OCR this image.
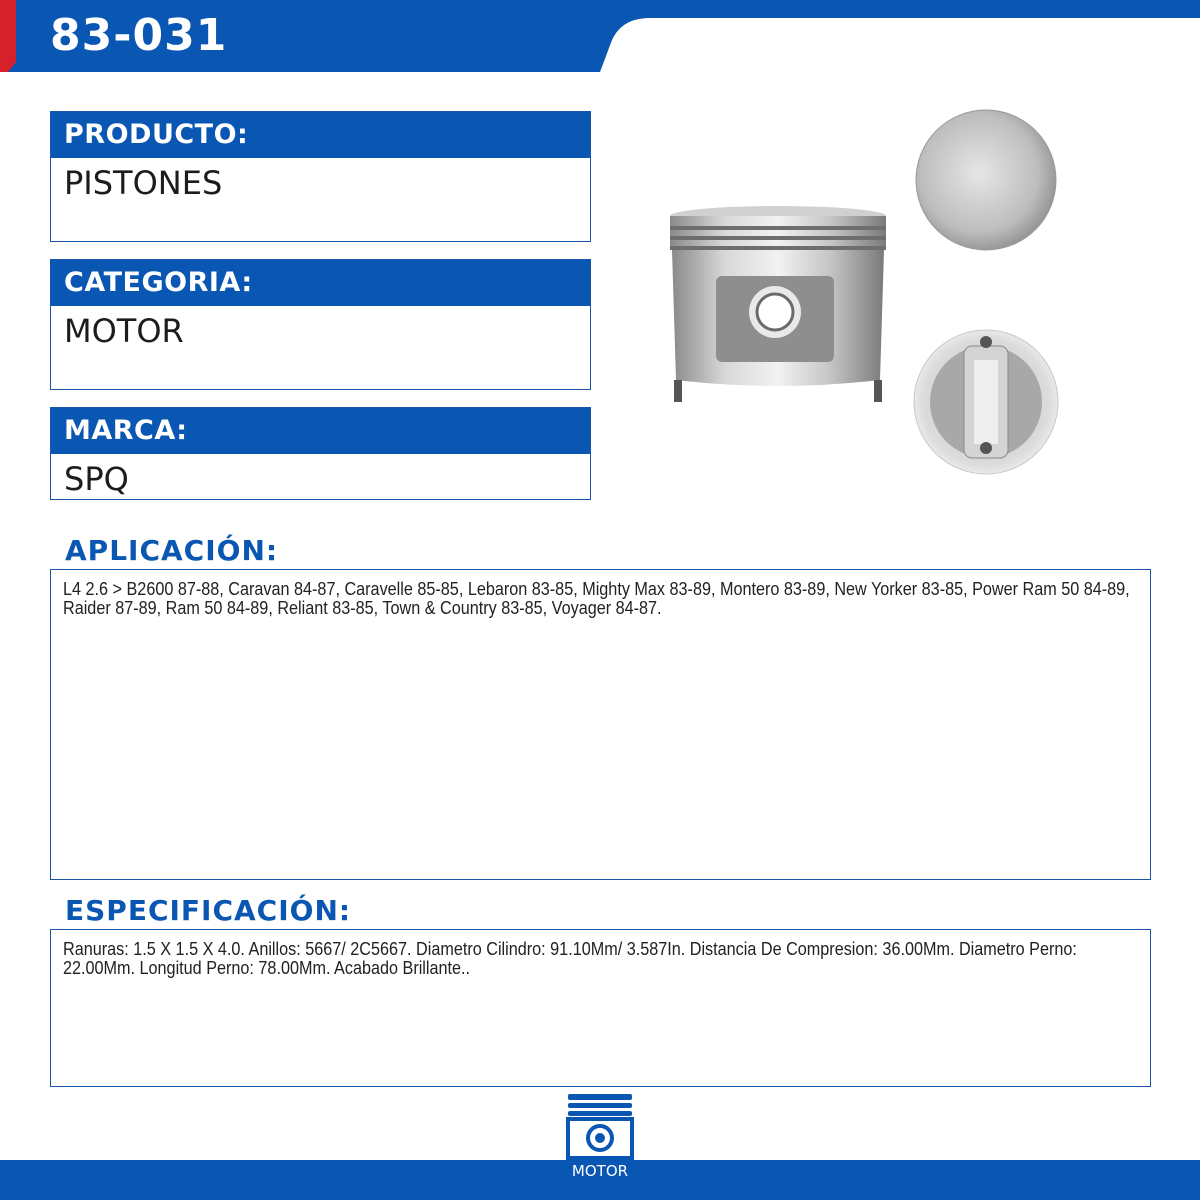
83-031
PRODUCTO:
PISTONES
CATEGORIA:
MOTOR
MARCA:
SPQ
APLICACIÓN:
L4 2.6 > B2600 87-88, Caravan 84-87, Caravelle 85-85, Lebaron 83-85, Mighty Max 83-89, Montero 83-89, New Yorker 83-85, Power Ram 50 84-89, Raider 87-89, Ram 50 84-89, Reliant 83-85, Town & Country 83-85, Voyager 84-87.
ESPECIFICACIÓN:
Ranuras: 1.5 X 1.5 X 4.0. Anillos: 5667/ 2C5667. Diametro Cilindro: 91.10Mm/ 3.587In. Distancia De Compresion: 36.00Mm. Diametro Perno: 22.00Mm. Longitud Perno: 78.00Mm. Acabado Brillante..
MOTOR
